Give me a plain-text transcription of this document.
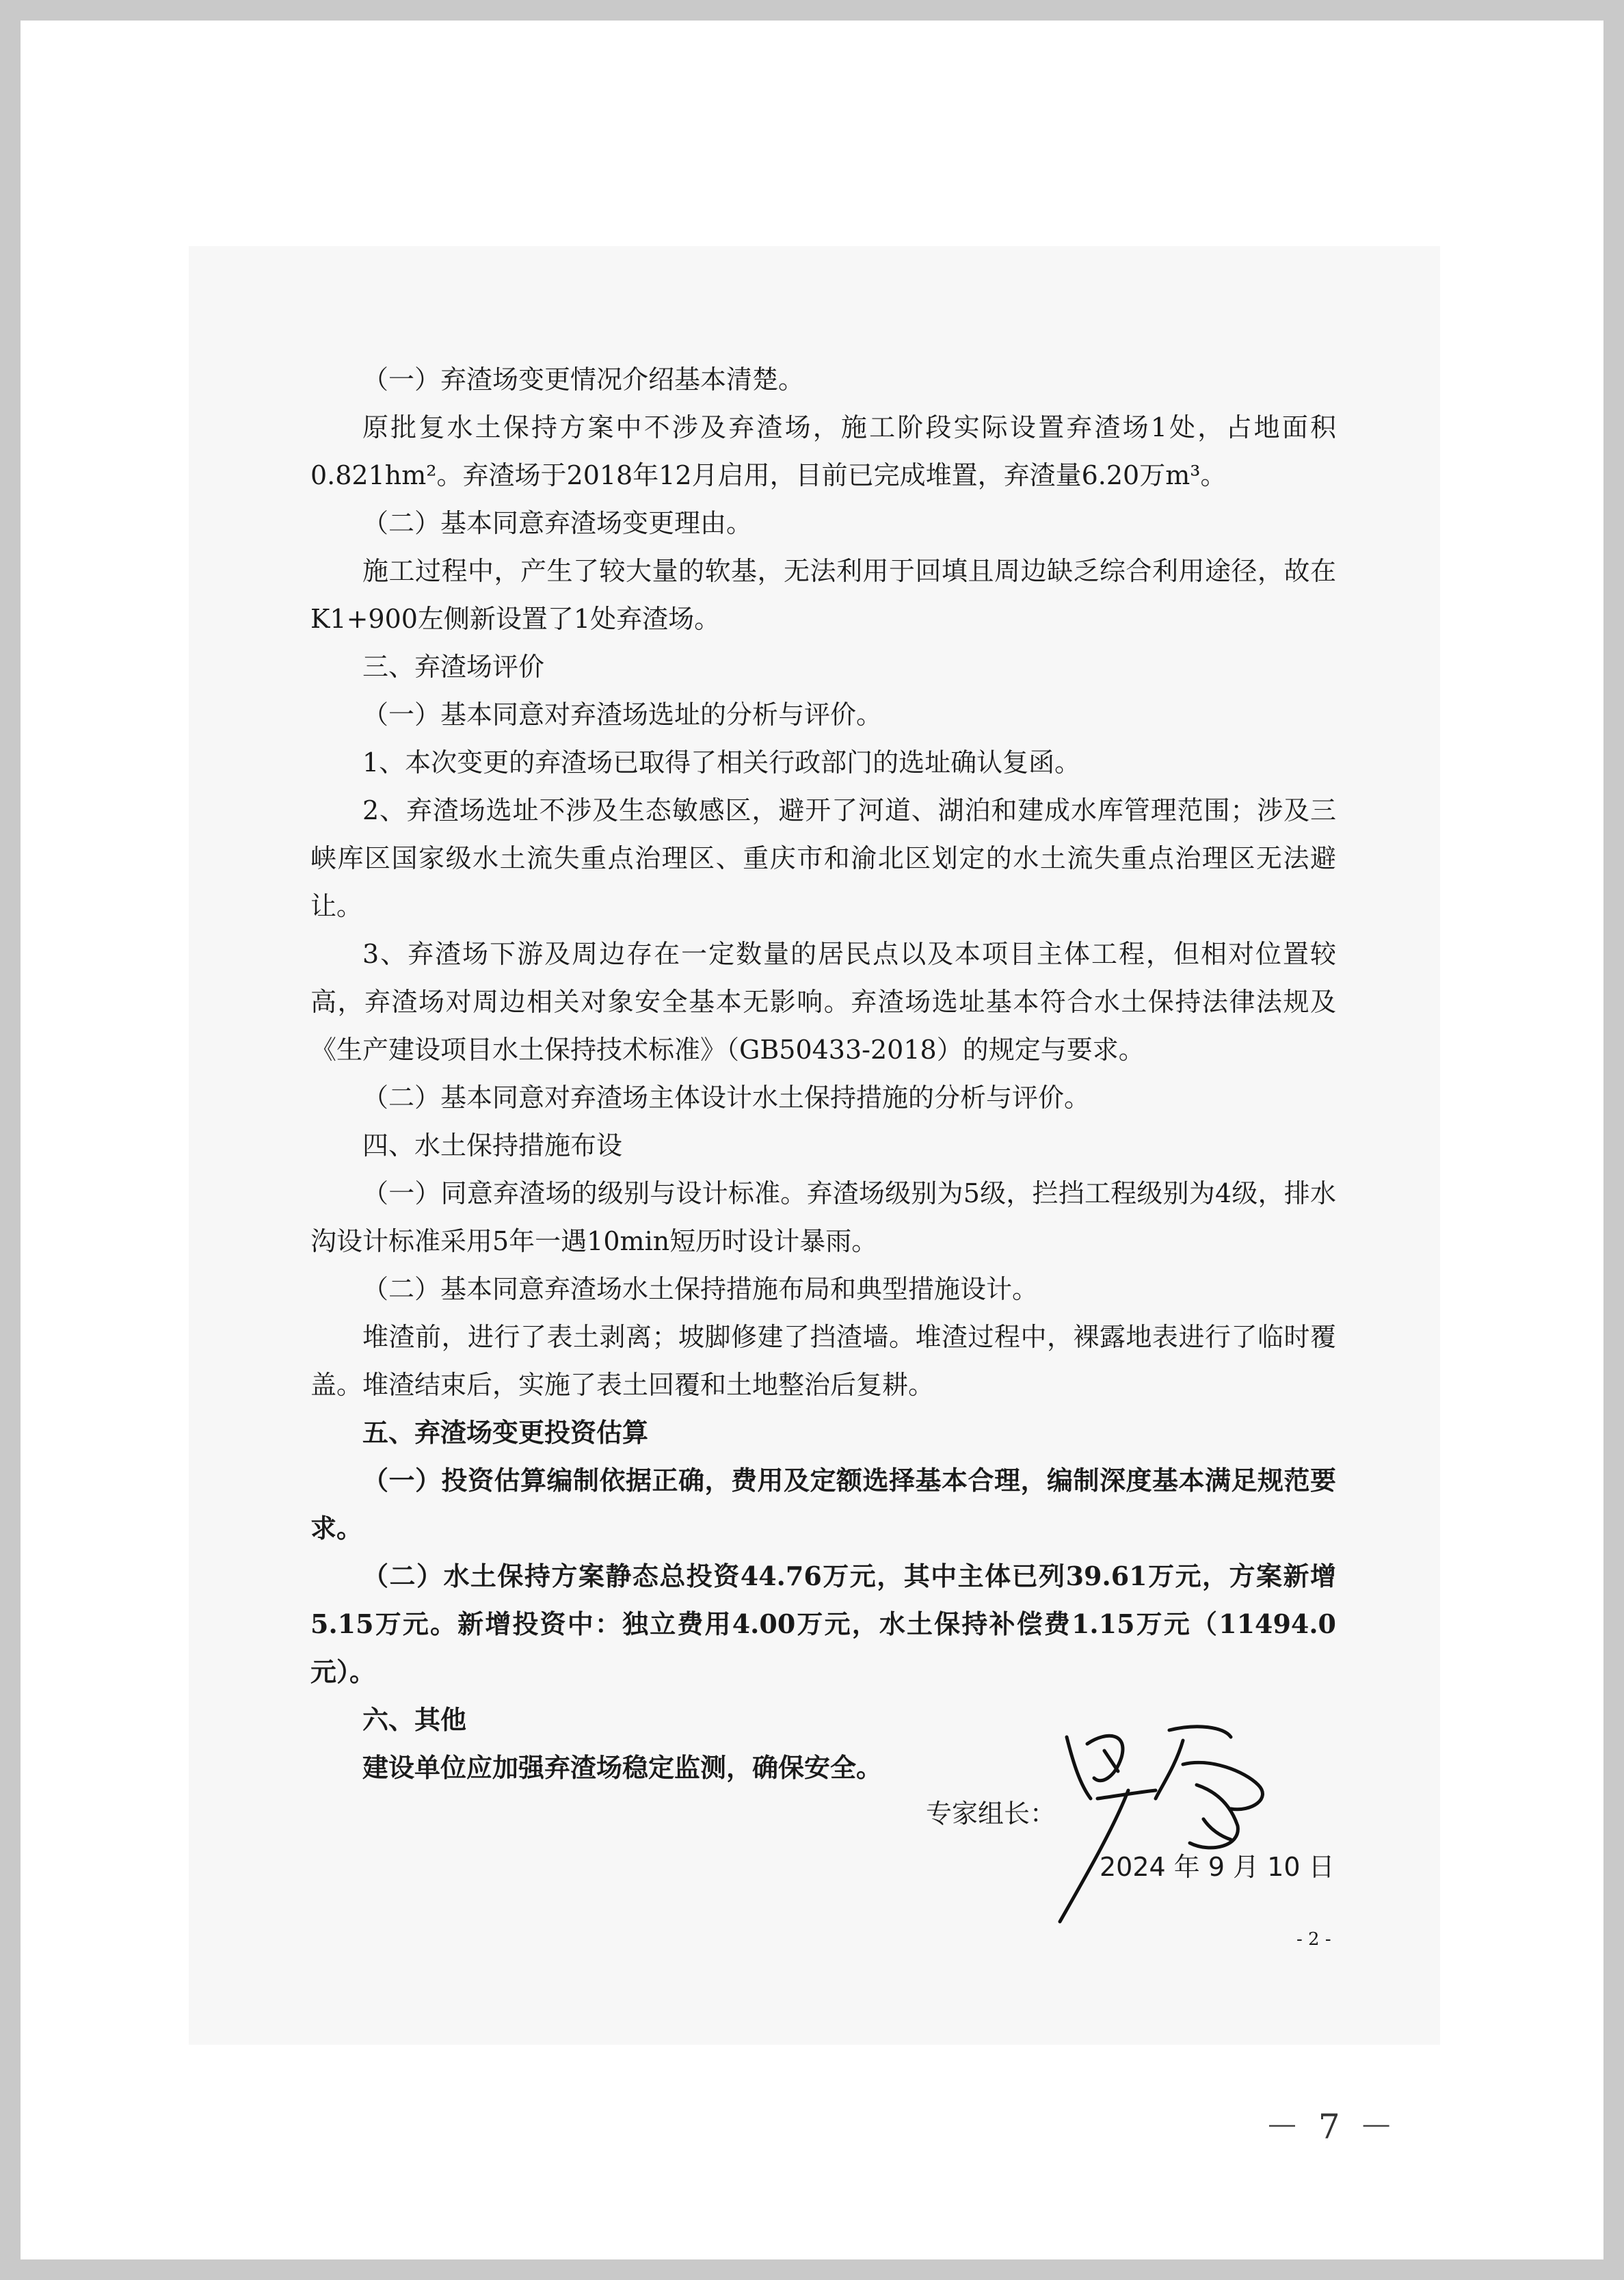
（一）弃渣场变更情况介绍基本清楚。

原批复水土保持方案中不涉及弃渣场，施工阶段实际设置弃渣场1处，占地面积0.821hm²。弃渣场于2018年12月启用，目前已完成堆置，弃渣量6.20万m³。

（二）基本同意弃渣场变更理由。

施工过程中，产生了较大量的软基，无法利用于回填且周边缺乏综合利用途径，故在K1+900左侧新设置了1处弃渣场。

三、弃渣场评价

（一）基本同意对弃渣场选址的分析与评价。

1、本次变更的弃渣场已取得了相关行政部门的选址确认复函。

2、弃渣场选址不涉及生态敏感区，避开了河道、湖泊和建成水库管理范围；涉及三峡库区国家级水土流失重点治理区、重庆市和渝北区划定的水土流失重点治理区无法避让。

3、弃渣场下游及周边存在一定数量的居民点以及本项目主体工程，但相对位置较高，弃渣场对周边相关对象安全基本无影响。弃渣场选址基本符合水土保持法律法规及《生产建设项目水土保持技术标准》（GB50433-2018）的规定与要求。

（二）基本同意对弃渣场主体设计水土保持措施的分析与评价。

四、水土保持措施布设

（一）同意弃渣场的级别与设计标准。弃渣场级别为5级，拦挡工程级别为4级，排水沟设计标准采用5年一遇10min短历时设计暴雨。

（二）基本同意弃渣场水土保持措施布局和典型措施设计。

堆渣前，进行了表土剥离；坡脚修建了挡渣墙。堆渣过程中，裸露地表进行了临时覆盖。堆渣结束后，实施了表土回覆和土地整治后复耕。

五、弃渣场变更投资估算

（一）投资估算编制依据正确，费用及定额选择基本合理，编制深度基本满足规范要求。

（二）水土保持方案静态总投资44.76万元，其中主体已列39.61万元，方案新增5.15万元。新增投资中：独立费用4.00万元，水土保持补偿费1.15万元（11494.0元）。

六、其他

建设单位应加强弃渣场稳定监测，确保安全。

专家组长：
2024 年 9 月 10 日
- 2 -
－ 7 －
